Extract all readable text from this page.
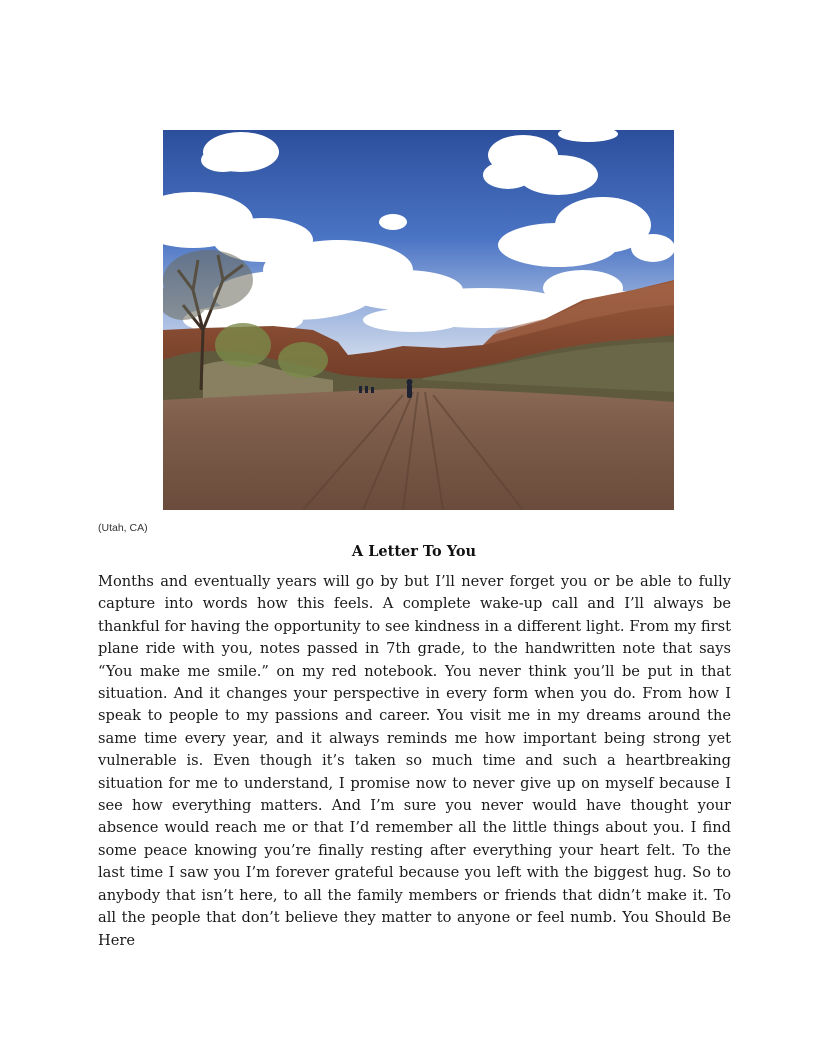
(Utah, CA)
A Letter To You

Months and eventually years will go by but I’ll never forget you or be able to fully capture into words how this feels. A complete wake-up call and I’ll always be thankful for having the opportunity to see kindness in a different light. From my first plane ride with you, notes passed in 7th grade, to the handwritten note that says “You make me smile.” on my red notebook. You never think you’ll be put in that situation. And it changes your perspective in every form when you do. From how I speak to people to my passions and career. You visit me in my dreams around the same time every year, and it always reminds me how important being strong yet vulnerable is. Even though it’s taken so much time and such a heartbreaking situation for me to understand, I promise now to never give up on myself because I see how everything matters. And I’m sure you never would have thought your absence would reach me or that I’d remember all the little things about you. I find some peace knowing you’re finally resting after everything your heart felt. To the last time I saw you I’m forever grateful because you left with the biggest hug. So to anybody that isn’t here, to all the family members or friends that didn’t make it. To all the people that don’t believe they matter to anyone or feel numb. You Should Be Here
